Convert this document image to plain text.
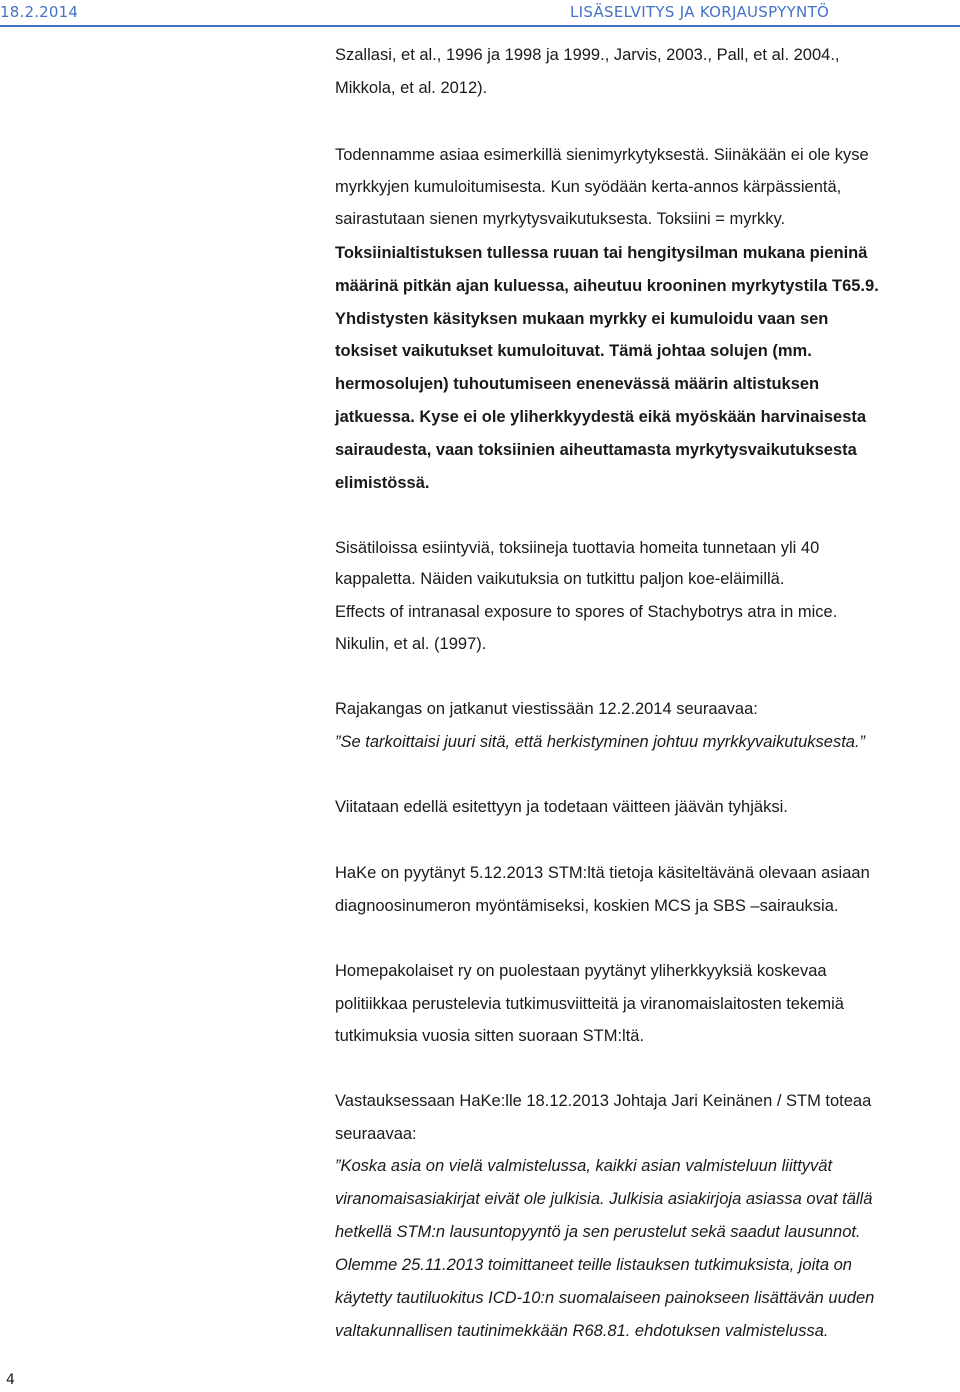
18.2.2014	LISÄSELVITYS JA KORJAUSPYYNTÖ
Szallasi, et al., 1996 ja 1998 ja 1999., Jarvis, 2003., Pall, et al. 2004.,
Mikkola, et al. 2012).
Todennamme asiaa esimerkillä sienimyrkytyksestä. Siinäkään ei ole kyse
myrkkyjen kumuloitumisesta. Kun syödään kerta-annos kärpässientä,
sairastutaan sienen myrkytysvaikutuksesta. Toksiini = myrkky.
Toksiinialtistuksen tullessa ruuan tai hengitysilman mukana pieninä
määrinä pitkän ajan kuluessa, aiheutuu krooninen myrkytystila T65.9.
Yhdistysten käsityksen mukaan myrkky ei kumuloidu vaan sen
toksiset vaikutukset kumuloituvat. Tämä johtaa solujen (mm.
hermosolujen) tuhoutumiseen enenevässä määrin altistuksen
jatkuessa. Kyse ei ole yliherkkyydestä eikä myöskään harvinaisesta
sairaudesta, vaan toksiinien aiheuttamasta myrkytysvaikutuksesta
elimistössä.
Sisätiloissa esiintyviä, toksiineja tuottavia homeita tunnetaan yli 40
kappaletta. Näiden vaikutuksia on tutkittu paljon koe-eläimillä.
Effects of intranasal exposure to spores of Stachybotrys atra in mice.
Nikulin, et al. (1997).
Rajakangas on jatkanut viestissään 12.2.2014 seuraavaa:
”Se tarkoittaisi juuri sitä, että herkistyminen johtuu myrkkyvaikutuksesta.”
Viitataan edellä esitettyyn ja todetaan väitteen jäävän tyhjäksi.
HaKe on pyytänyt 5.12.2013 STM:ltä tietoja käsiteltävänä olevaan asiaan
diagnoosinumeron myöntämiseksi, koskien MCS ja SBS –sairauksia.
Homepakolaiset ry on puolestaan pyytänyt yliherkkyyksiä koskevaa
politiikkaa perustelevia tutkimusviitteitä ja viranomaislaitosten tekemiä
tutkimuksia vuosia sitten suoraan STM:ltä.
Vastauksessaan HaKe:lle 18.12.2013 Johtaja Jari Keinänen / STM toteaa
seuraavaa:
”Koska asia on vielä valmistelussa, kaikki asian valmisteluun liittyvät
viranomaisasiakirjat eivät ole julkisia. Julkisia asiakirjoja asiassa ovat tällä
hetkellä STM:n lausuntopyyntö ja sen perustelut sekä saadut lausunnot.
Olemme 25.11.2013 toimittaneet teille listauksen tutkimuksista, joita on
käytetty tautiluokitus ICD-10:n suomalaiseen painokseen lisättävän uuden
valtakunnallisen tautinimekkään R68.81. ehdotuksen valmistelussa.
4
